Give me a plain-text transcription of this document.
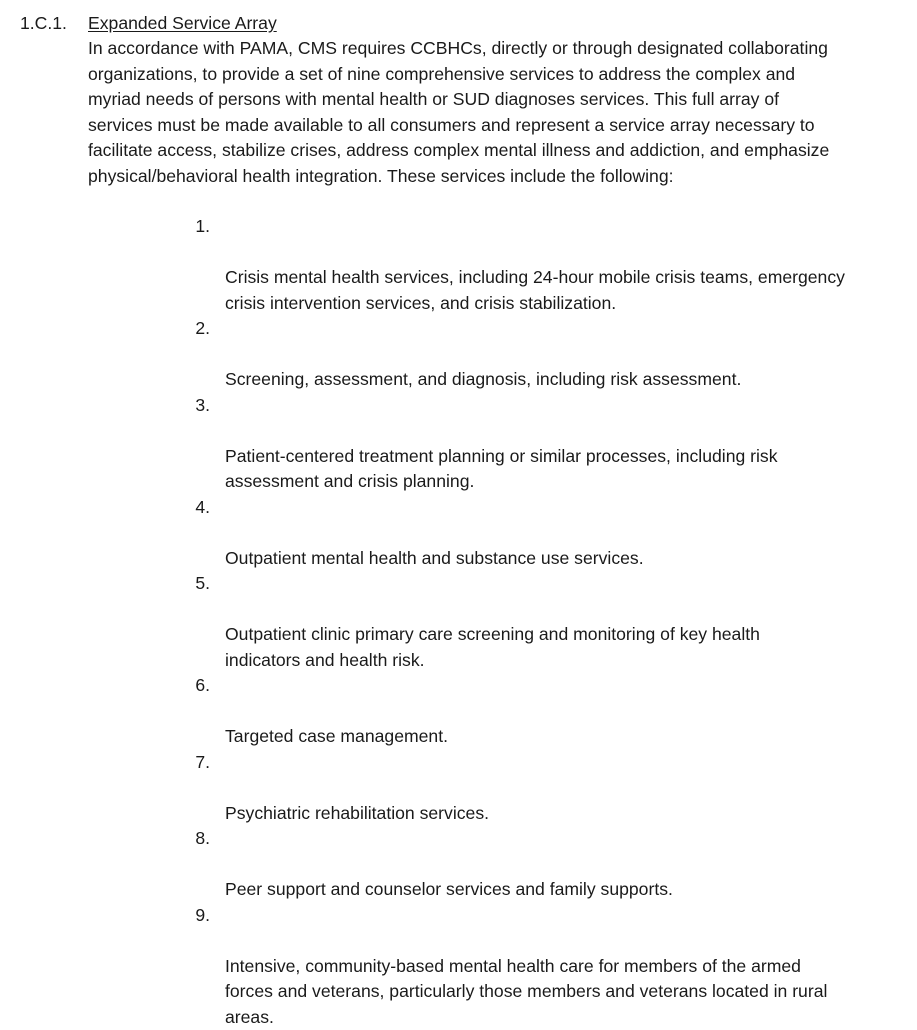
1.C.1. Expanded Service Array
In accordance with PAMA, CMS requires CCBHCs, directly or through designated collaborating
organizations, to provide a set of nine comprehensive services to address the complex and
myriad needs of persons with mental health or SUD diagnoses services. This full array of
services must be made available to all consumers and represent a service array necessary to
facilitate access, stabilize crises, address complex mental illness and addiction, and emphasize
physical/behavioral health integration. These services include the following:

1.

Crisis mental health services, including 24-hour mobile crisis teams, emergency
crisis intervention services, and crisis stabilization.

2.

Screening, assessment, and diagnosis, including risk assessment.

3.

Patient-centered treatment planning or similar processes, including risk
assessment and crisis planning.

4.

Outpatient mental health and substance use services.

5.

Outpatient clinic primary care screening and monitoring of key health
indicators and health risk.

6.

Targeted case management.

7.

Psychiatric rehabilitation services.

8.

Peer support and counselor services and family supports.

9.

Intensive, community-based mental health care for members of the armed
forces and veterans, particularly those members and veterans located in rural
areas.
